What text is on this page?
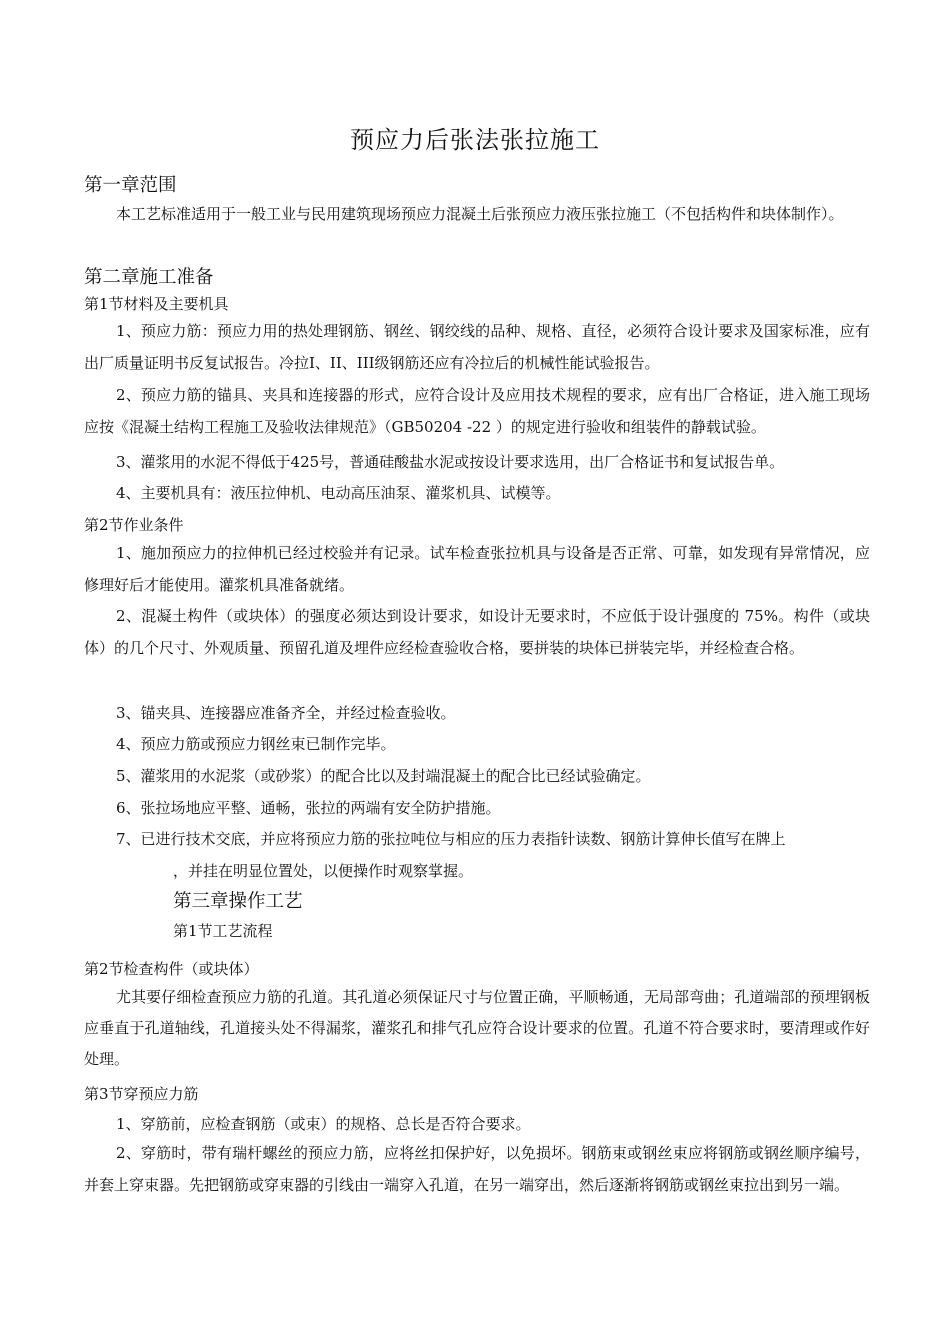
预应力后张法张拉施工
第一章范围
本工艺标准适用于一般工业与民用建筑现场预应力混凝土后张预应力液压张拉施工（不包括构件和块体制作）。
第二章施工准备
第1节材料及主要机具
1、预应力筋：预应力用的热处理钢筋、钢丝、钢绞线的品种、规格、直径，必须符合设计要求及国家标准，应有出厂质量证明书反复试报告。冷拉I、II、III级钢筋还应有冷拉后的机械性能试验报告。
2、预应力筋的锚具、夹具和连接器的形式，应符合设计及应用技术规程的要求，应有出厂合格证，进入施工现场应按《混凝土结构工程施工及验收法律规范》（GB50204 -22 ）的规定进行验收和组装件的静载试验。
3、灌浆用的水泥不得低于425号，普通硅酸盐水泥或按设计要求选用，出厂合格证书和复试报告单。
4、主要机具有：液压拉伸机、电动高压油泵、灌浆机具、试模等。
第2节作业条件
1、施加预应力的拉伸机已经过校验并有记录。试车检查张拉机具与设备是否正常、可靠，如发现有异常情况，应修理好后才能使用。灌浆机具准备就绪。
2、混凝土构件（或块体）的强度必须达到设计要求，如设计无要求时，不应低于设计强度的 75%。构件（或块体）的几个尺寸、外观质量、预留孔道及埋件应经检查验收合格，要拼装的块体已拼装完毕，并经检查合格。
3、锚夹具、连接器应准备齐全，并经过检查验收。
4、预应力筋或预应力钢丝束已制作完毕。
5、灌浆用的水泥浆（或砂浆）的配合比以及封端混凝土的配合比已经试验确定。
6、张拉场地应平整、通畅，张拉的两端有安全防护措施。
7、已进行技术交底，并应将预应力筋的张拉吨位与相应的压力表指针读数、钢筋计算伸长值写在牌上
，并挂在明显位置处，以便操作时观察掌握。
第三章操作工艺
第1节工艺流程
第2节检查构件（或块体）
尤其要仔细检查预应力筋的孔道。其孔道必须保证尺寸与位置正确，平顺畅通，无局部弯曲；孔道端部的预埋钢板应垂直于孔道轴线，孔道接头处不得漏浆，灌浆孔和排气孔应符合设计要求的位置。孔道不符合要求时，要清理或作好处理。
第3节穿预应力筋
1、穿筋前，应检查钢筋（或束）的规格、总长是否符合要求。
2、穿筋时，带有瑞杆螺丝的预应力筋，应将丝扣保护好，以免损坏。钢筋束或钢丝束应将钢筋或钢丝顺序编号，并套上穿束器。先把钢筋或穿束器的引线由一端穿入孔道，在另一端穿出，然后逐渐将钢筋或钢丝束拉出到另一端。
